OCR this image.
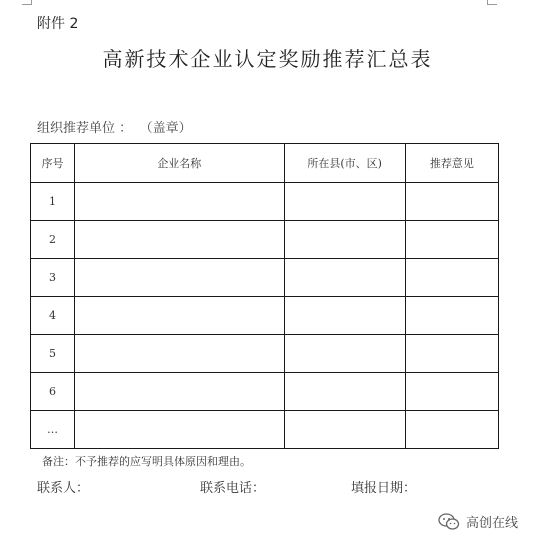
附件 2
高新技术企业认定奖励推荐汇总表
组织推荐单位 ： （盖章）
序号	企业名称	所在县(市、区)	推荐意见
1			
2			
3			
4			
5			
6			
…			
备注：不予推荐的应写明具体原因和理由。
联系人：	联系电话：	填报日期：
高创在线
